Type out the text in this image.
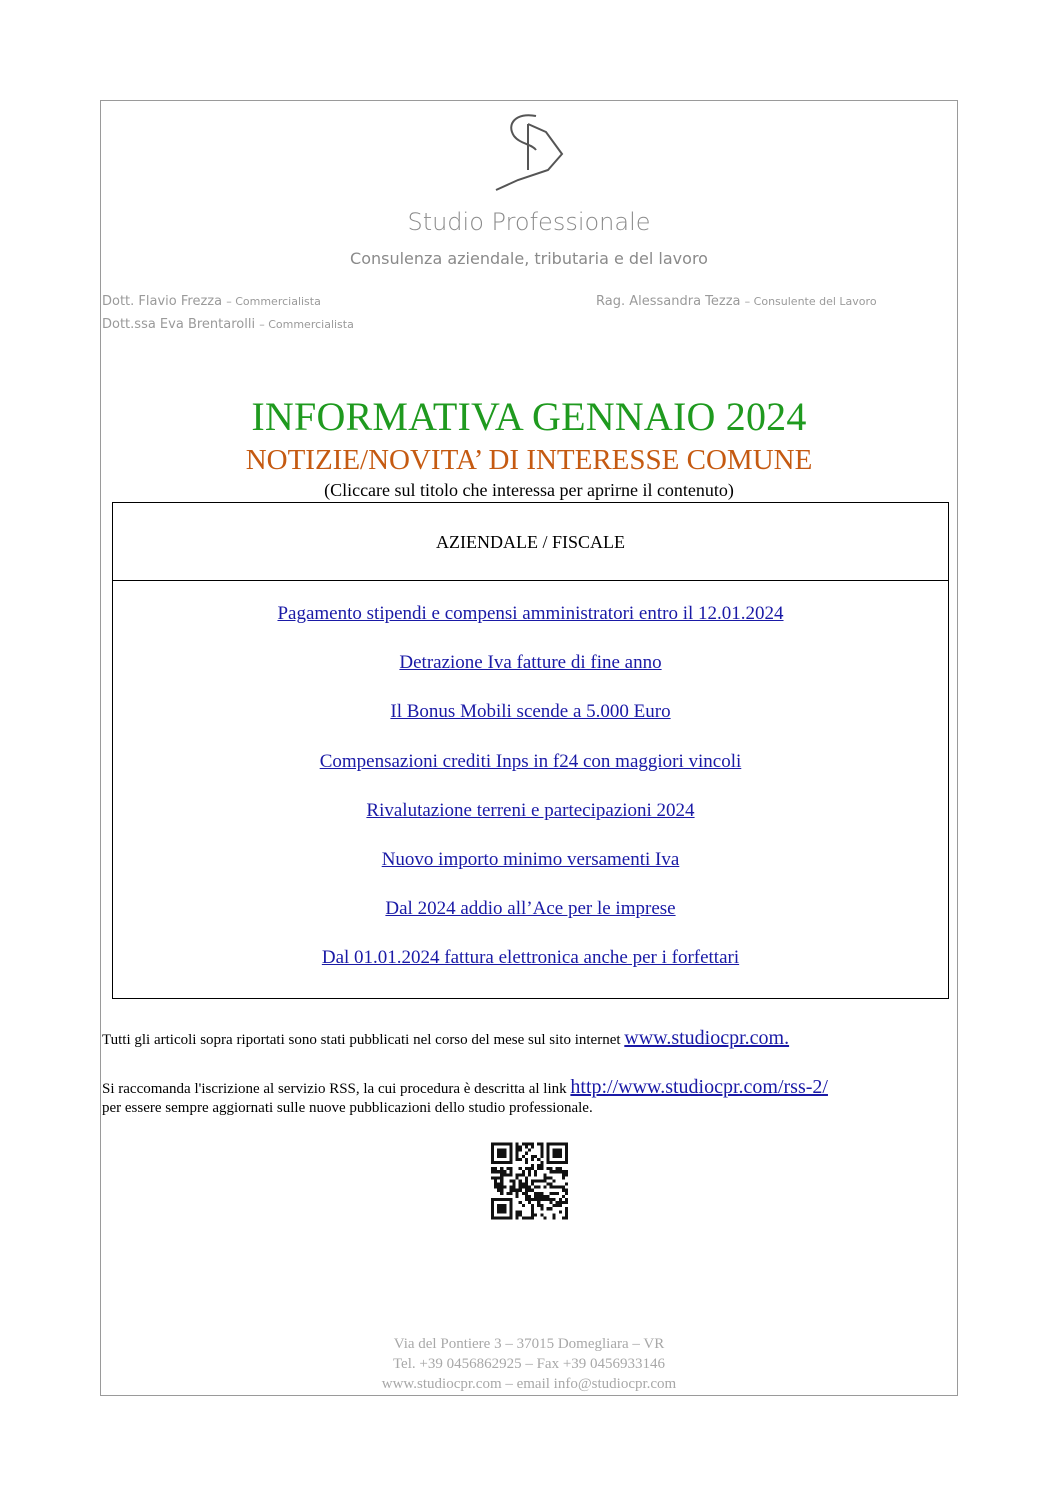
Studio Professionale
Consulenza aziendale, tributaria e del lavoro
Dott. Flavio Frezza – Commercialista
Dott.ssa Eva Brentarolli – Commercialista
Rag. Alessandra Tezza – Consulente del Lavoro
INFORMATIVA GENNAIO 2024
NOTIZIE/NOVITA’ DI INTERESSE COMUNE
(Cliccare sul titolo che interessa per aprirne il contenuto)
AZIENDALE / FISCALE
Pagamento stipendi e compensi amministratori entro il 12.01.2024
Detrazione Iva fatture di fine anno
Il Bonus Mobili scende a 5.000 Euro
Compensazioni crediti Inps in f24 con maggiori vincoli
Rivalutazione terreni e partecipazioni 2024
Nuovo importo minimo versamenti Iva
Dal 2024 addio all’Ace per le imprese
Dal 01.01.2024 fattura elettronica anche per i forfettari
Tutti gli articoli sopra riportati sono stati pubblicati nel corso del mese sul sito internet www.studiocpr.com.
Si raccomanda l'iscrizione al servizio RSS, la cui procedura è descritta al link http://www.studiocpr.com/rss-2/
per essere sempre aggiornati sulle nuove pubblicazioni dello studio professionale.
Via del Pontiere 3 – 37015 Domegliara – VR
Tel. +39 0456862925 – Fax +39 0456933146
www.studiocpr.com – email info@studiocpr.com
